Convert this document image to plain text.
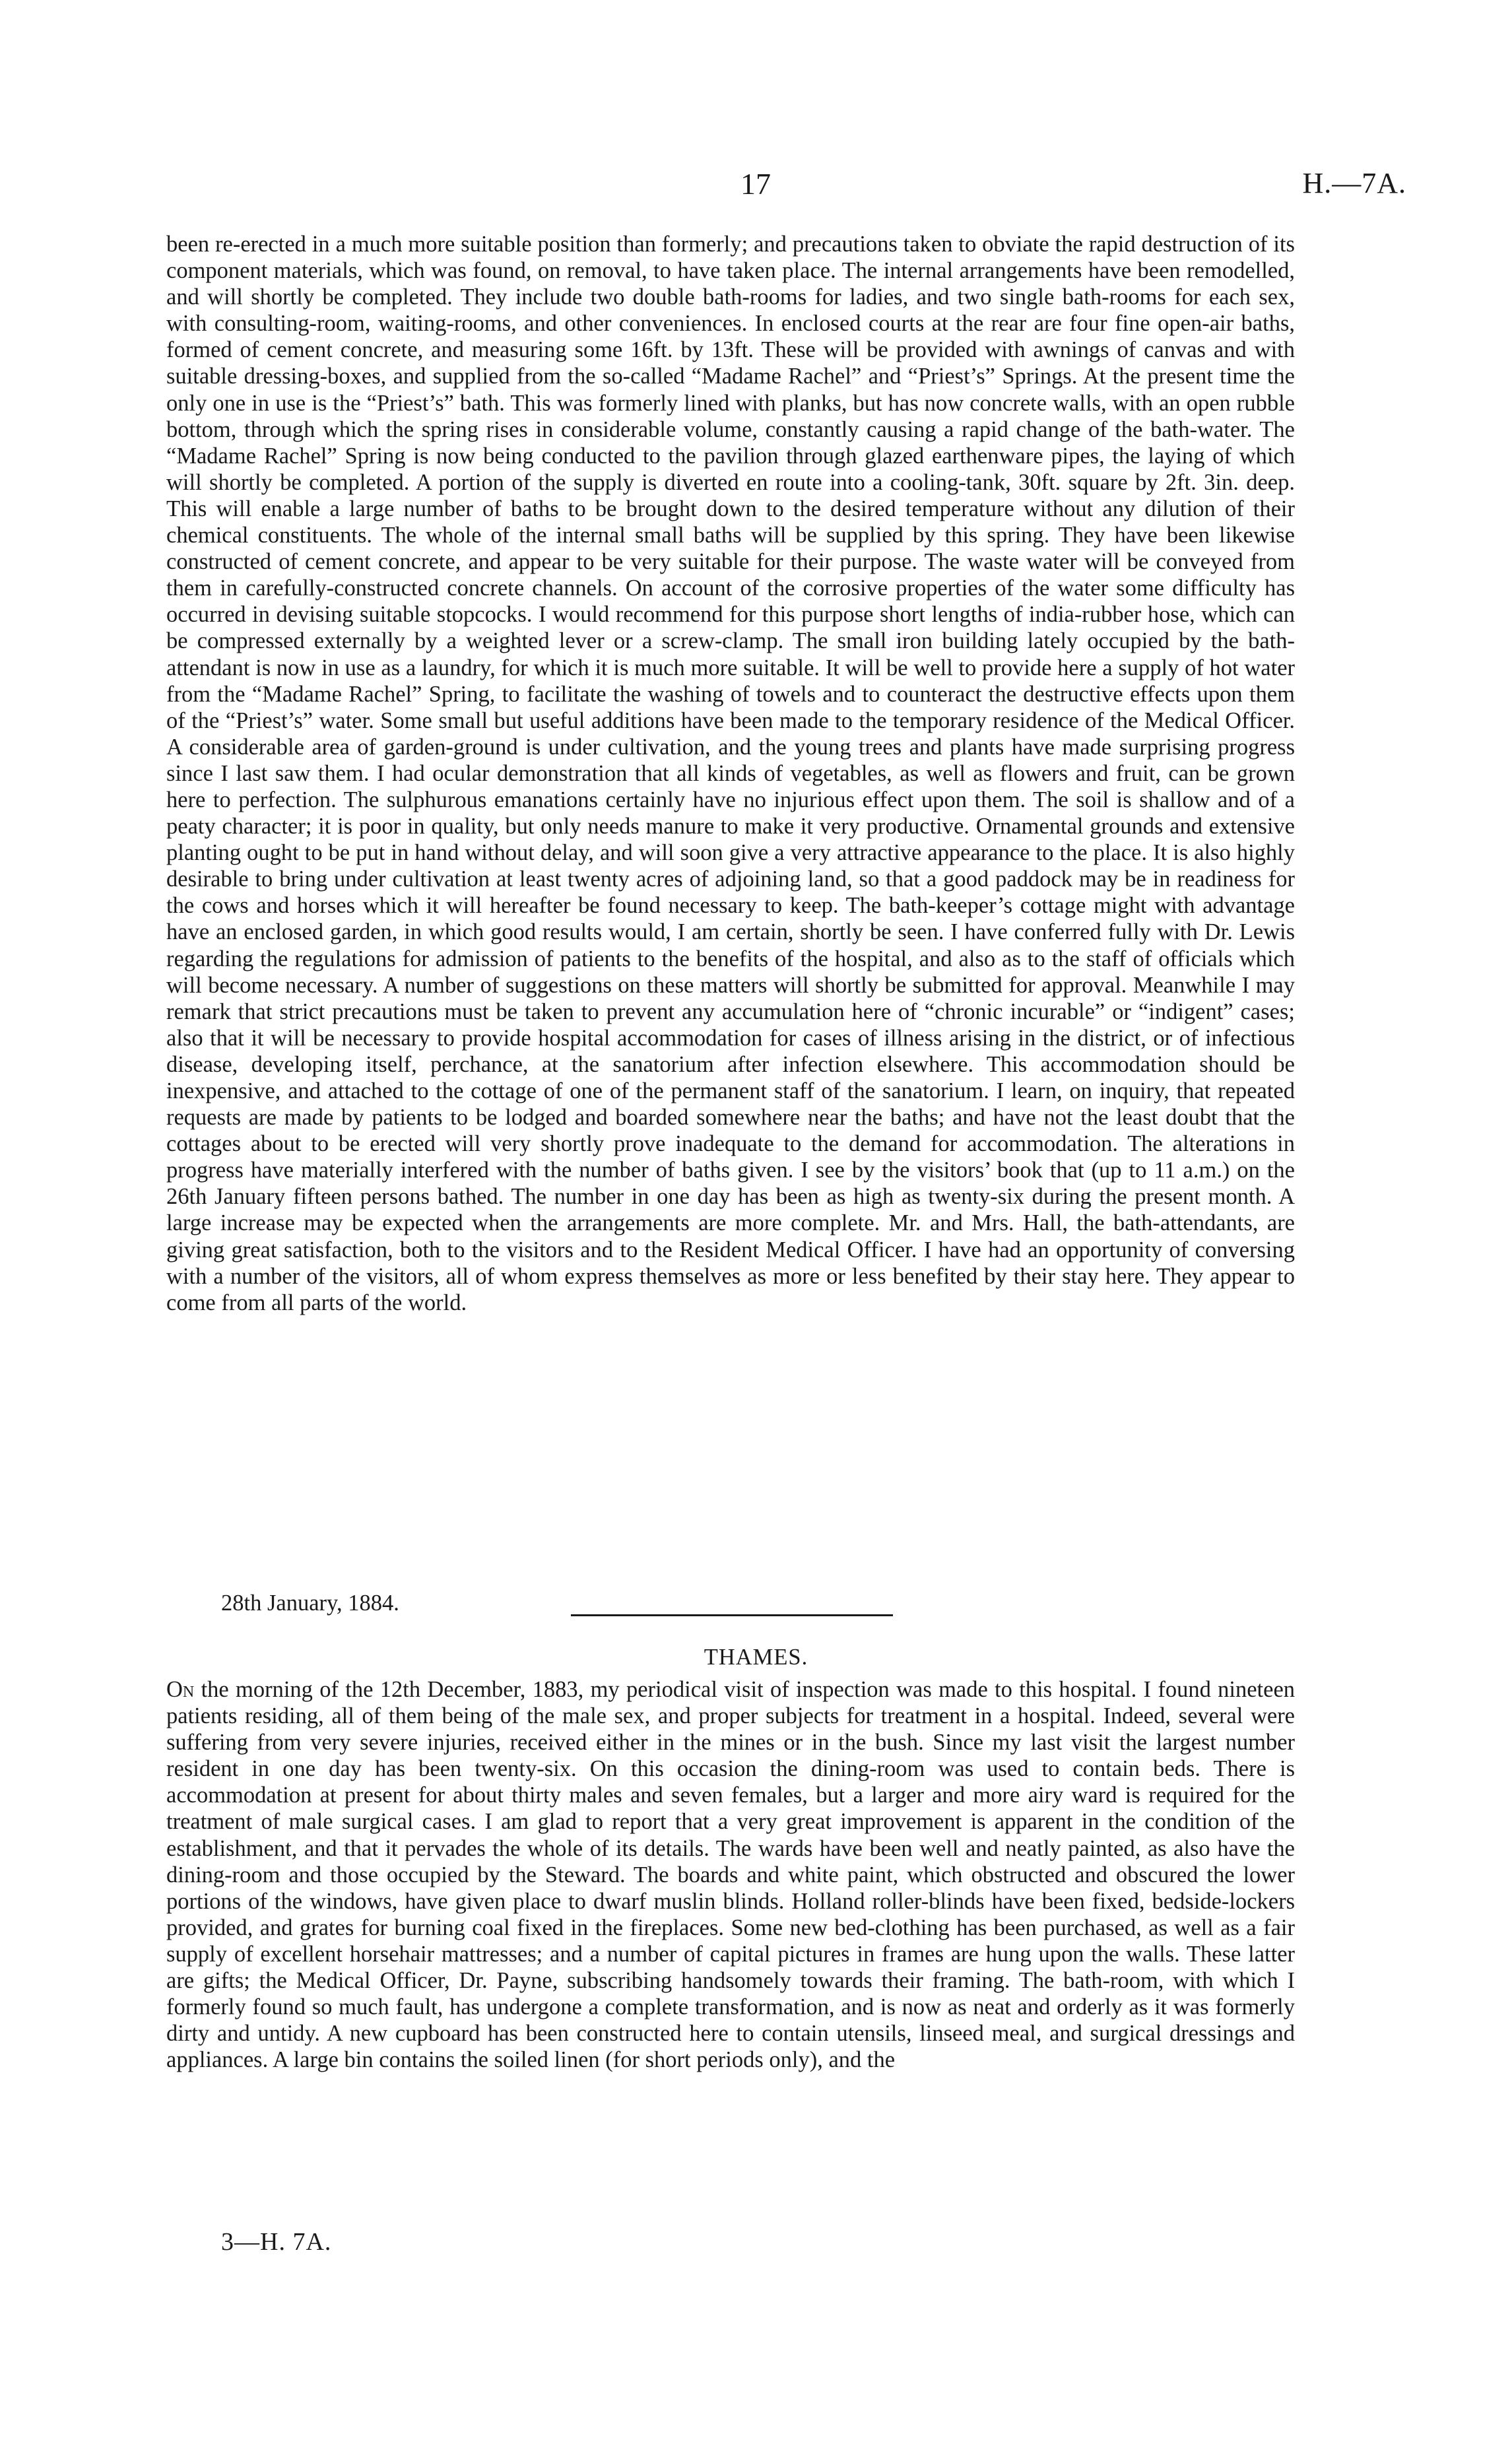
17	H.—7A.

been re-erected in a much more suitable position than formerly; and precautions taken to obviate the rapid destruction of its component materials, which was found, on removal, to have taken place. The internal arrangements have been remodelled, and will shortly be completed. They include two double bath-rooms for ladies, and two single bath-rooms for each sex, with consulting-room, waiting-rooms, and other conveniences. In enclosed courts at the rear are four fine open-air baths, formed of cement concrete, and measuring some 16ft. by 13ft. These will be provided with awnings of canvas and with suitable dressing-boxes, and supplied from the so-called “Madame Rachel” and “Priest’s” Springs. At the present time the only one in use is the “Priest’s” bath. This was formerly lined with planks, but has now concrete walls, with an open rubble bottom, through which the spring rises in considerable volume, constantly causing a rapid change of the bath-water. The “Madame Rachel” Spring is now being conducted to the pavilion through glazed earthenware pipes, the laying of which will shortly be completed. A portion of the supply is diverted en route into a cooling-tank, 30ft. square by 2ft. 3in. deep. This will enable a large number of baths to be brought down to the desired temperature without any dilution of their chemical constituents. The whole of the internal small baths will be supplied by this spring. They have been likewise constructed of cement concrete, and appear to be very suitable for their purpose. The waste water will be conveyed from them in carefully-constructed concrete channels. On account of the corrosive properties of the water some difficulty has occurred in devising suitable stopcocks. I would recommend for this purpose short lengths of india-rubber hose, which can be compressed externally by a weighted lever or a screw-clamp. The small iron building lately occupied by the bath-attendant is now in use as a laundry, for which it is much more suitable. It will be well to provide here a supply of hot water from the “Madame Rachel” Spring, to facilitate the washing of towels and to counteract the destructive effects upon them of the “Priest’s” water. Some small but useful additions have been made to the temporary residence of the Medical Officer. A considerable area of garden-ground is under cultivation, and the young trees and plants have made surprising progress since I last saw them. I had ocular demonstration that all kinds of vegetables, as well as flowers and fruit, can be grown here to perfection. The sulphurous emanations certainly have no injurious effect upon them. The soil is shallow and of a peaty character; it is poor in quality, but only needs manure to make it very productive. Ornamental grounds and extensive planting ought to be put in hand without delay, and will soon give a very attractive appearance to the place. It is also highly desirable to bring under cultivation at least twenty acres of adjoining land, so that a good paddock may be in readiness for the cows and horses which it will hereafter be found necessary to keep. The bath-keeper’s cottage might with advantage have an enclosed garden, in which good results would, I am certain, shortly be seen. I have conferred fully with Dr. Lewis regarding the regulations for admission of patients to the benefits of the hospital, and also as to the staff of officials which will become necessary. A number of suggestions on these matters will shortly be submitted for approval. Meanwhile I may remark that strict precautions must be taken to prevent any accumulation here of “chronic incurable” or “indigent” cases; also that it will be necessary to provide hospital accommodation for cases of illness arising in the district, or of infectious disease, developing itself, perchance, at the sanatorium after infection elsewhere. This accommodation should be inexpensive, and attached to the cottage of one of the permanent staff of the sanatorium. I learn, on inquiry, that repeated requests are made by patients to be lodged and boarded somewhere near the baths; and have not the least doubt that the cottages about to be erected will very shortly prove inadequate to the demand for accommodation. The alterations in progress have materially interfered with the number of baths given. I see by the visitors’ book that (up to 11 a.m.) on the 26th January fifteen persons bathed. The number in one day has been as high as twenty-six during the present month. A large increase may be expected when the arrangements are more complete. Mr. and Mrs. Hall, the bath-attendants, are giving great satisfaction, both to the visitors and to the Resident Medical Officer. I have had an opportunity of conversing with a number of the visitors, all of whom express themselves as more or less benefited by their stay here. They appear to come from all parts of the world.

28th January, 1884.
THAMES.

On the morning of the 12th December, 1883, my periodical visit of inspection was made to this hospital. I found nineteen patients residing, all of them being of the male sex, and proper subjects for treatment in a hospital. Indeed, several were suffering from very severe injuries, received either in the mines or in the bush. Since my last visit the largest number resident in one day has been twenty-six. On this occasion the dining-room was used to contain beds. There is accommodation at present for about thirty males and seven females, but a larger and more airy ward is required for the treatment of male surgical cases. I am glad to report that a very great improvement is apparent in the condition of the establishment, and that it pervades the whole of its details. The wards have been well and neatly painted, as also have the dining-room and those occupied by the Steward. The boards and white paint, which obstructed and obscured the lower portions of the windows, have given place to dwarf muslin blinds. Holland roller-blinds have been fixed, bedside-lockers provided, and grates for burning coal fixed in the fireplaces. Some new bed-clothing has been purchased, as well as a fair supply of excellent horsehair mattresses; and a number of capital pictures in frames are hung upon the walls. These latter are gifts; the Medical Officer, Dr. Payne, subscribing handsomely towards their framing. The bath-room, with which I formerly found so much fault, has undergone a complete transformation, and is now as neat and orderly as it was formerly dirty and untidy. A new cupboard has been constructed here to contain utensils, linseed meal, and surgical dressings and appliances. A large bin contains the soiled linen (for short periods only), and the

3—H. 7A.
